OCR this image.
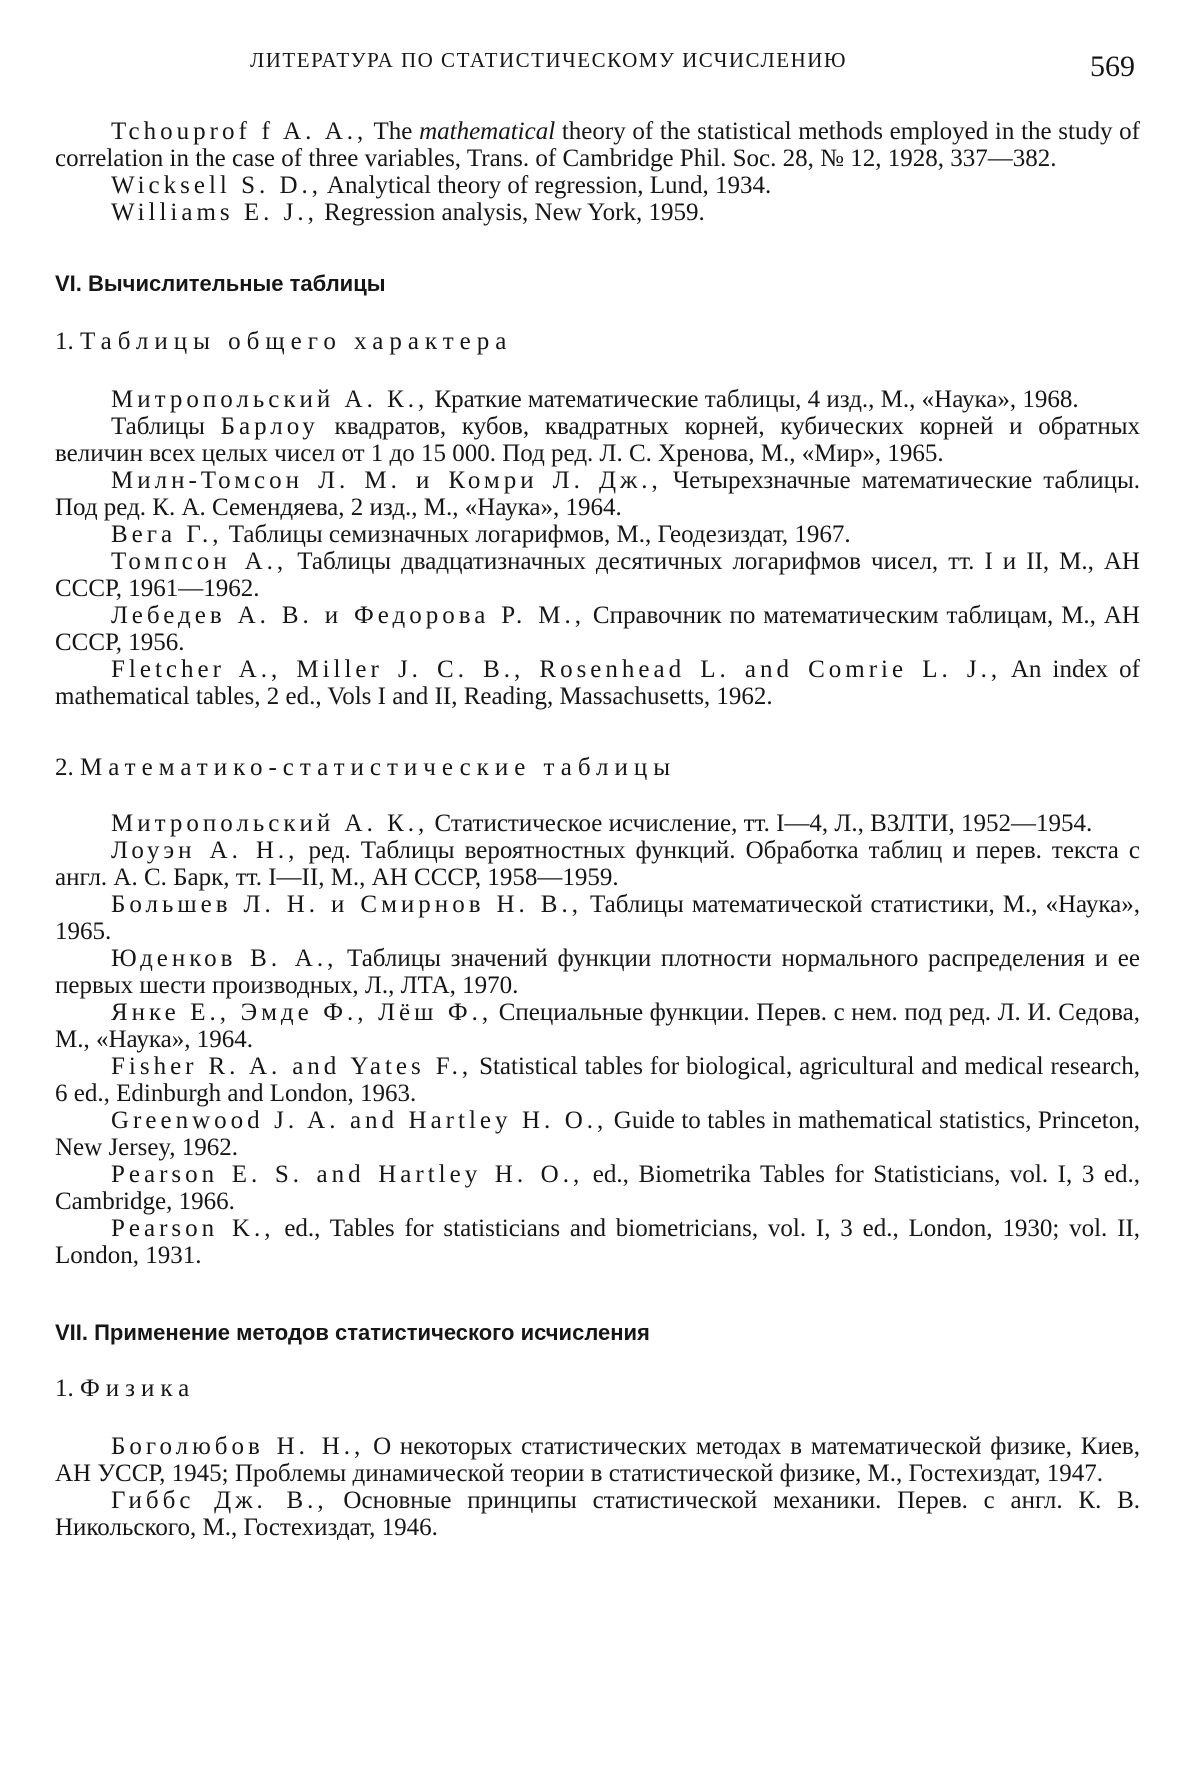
ЛИТЕРАТУРА ПО СТАТИСТИЧЕСКОМУ ИСЧИСЛЕНИЮ	569

Tchouprof f A. A., The mathematical theory of the statistical methods employed in the study of correlation in the case of three variables, Trans. of Cambridge Phil. Soc. 28, № 12, 1928, 337—382.

Wicksell S. D., Analytical theory of regression, Lund, 1934.

Williams E. J., Regression analysis, New York, 1959.

VI. Вычислительные таблицы

1. Таблицы общего характера

Митропольский А. К., Краткие математические таблицы, 4 изд., М., «Наука», 1968.

Таблицы Барлоу квадратов, кубов, квадратных корней, кубических корней и обратных величин всех целых чисел от 1 до 15 000. Под ред. Л. С. Хренова, М., «Мир», 1965.

Милн-Томсон Л. М. и Комри Л. Дж., Четырехзначные математические таблицы. Под ред. К. А. Семендяева, 2 изд., М., «Наука», 1964.

Вега Г., Таблицы семизначных логарифмов, М., Геодезиздат, 1967.

Томпсон А., Таблицы двадцатизначных десятичных логарифмов чисел, тт. I и II, М., АН СССР, 1961—1962.

Лебедев А. В. и Федорова Р. М., Справочник по математическим таблицам, М., АН СССР, 1956.

Fletcher A., Miller J. C. B., Rosenhead L. and Comrie L. J., An index of mathematical tables, 2 ed., Vols I and II, Reading, Massachusetts, 1962.

2. Математико-статистические таблицы

Митропольский А. К., Статистическое исчисление, тт. I—4, Л., ВЗЛТИ, 1952—1954.

Лоуэн А. Н., ред. Таблицы вероятностных функций. Обработка таблиц и перев. текста с англ. А. С. Барк, тт. I—II, М., АН СССР, 1958—1959.

Большев Л. Н. и Смирнов Н. В., Таблицы математической статистики, М., «Наука», 1965.

Юденков В. А., Таблицы значений функции плотности нормального распределения и ее первых шести производных, Л., ЛТА, 1970.

Янке Е., Эмде Ф., Лёш Ф., Специальные функции. Перев. с нем. под ред. Л. И. Седова, М., «Наука», 1964.

Fisher R. A. and Yates F., Statistical tables for biological, agricultural and medical research, 6 ed., Edinburgh and London, 1963.

Greenwood J. A. and Hartley H. O., Guide to tables in mathematical statistics, Princeton, New Jersey, 1962.

Pearson E. S. and Hartley H. O., ed., Biometrika Tables for Statisticians, vol. I, 3 ed., Cambridge, 1966.

Pearson K., ed., Tables for statisticians and biometricians, vol. I, 3 ed., London, 1930; vol. II, London, 1931.

VII. Применение методов статистического исчисления

1. Физика

Боголюбов Н. Н., О некоторых статистических методах в математической физике, Киев, АН УССР, 1945; Проблемы динамической теории в статистической физике, М., Гостехиздат, 1947.

Гиббс Дж. В., Основные принципы статистической механики. Перев. с англ. К. В. Никольского, М., Гостехиздат, 1946.
